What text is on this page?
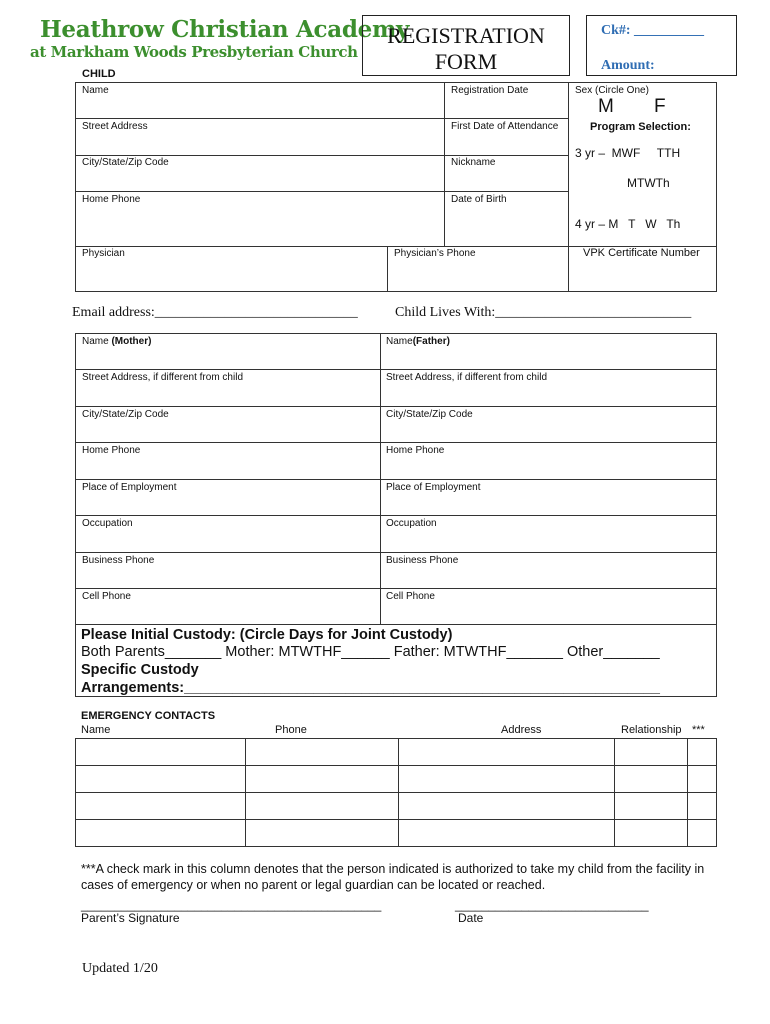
Heathrow Christian Academy
at Markham Woods Presbyterian Church
REGISTRATION
FORM
Ck#: __________
Amount:
CHILD
Name	Registration Date	Sex (Circle One)
M F
Street Address	First Date of Attendance	Program Selection:
3 yr –  MWF     TTH
MTWTh
4 yr – M   T   W   Th
City/State/Zip Code	Nickname
Home Phone	Date of Birth
Physician	Physician’s Phone	VPK Certificate Number
Email address:_____________________________	Child Lives With:____________________________
Name (Mother)	Name(Father)
Street Address, if different from child	Street Address, if different from child
City/State/Zip Code	City/State/Zip Code
Home Phone	Home Phone
Place of Employment	Place of Employment
Occupation	Occupation
Business Phone	Business Phone
Cell Phone	Cell Phone
Please Initial Custody: (Circle Days for Joint Custody)
Both Parents_______ Mother: MTWTHF______ Father: MTWTHF_______ Other_______
Specific Custody
Arrangements:___________________________________________________________
EMERGENCY CONTACTS
Name	Phone	Address	Relationship ***
***A check mark in this column denotes that the person indicated is authorized to take my child from the facility in cases of emergency or when no parent or legal guardian can be located or reached.
_____________________________________________	_____________________________
Parent’s Signature	Date
Updated 1/20
